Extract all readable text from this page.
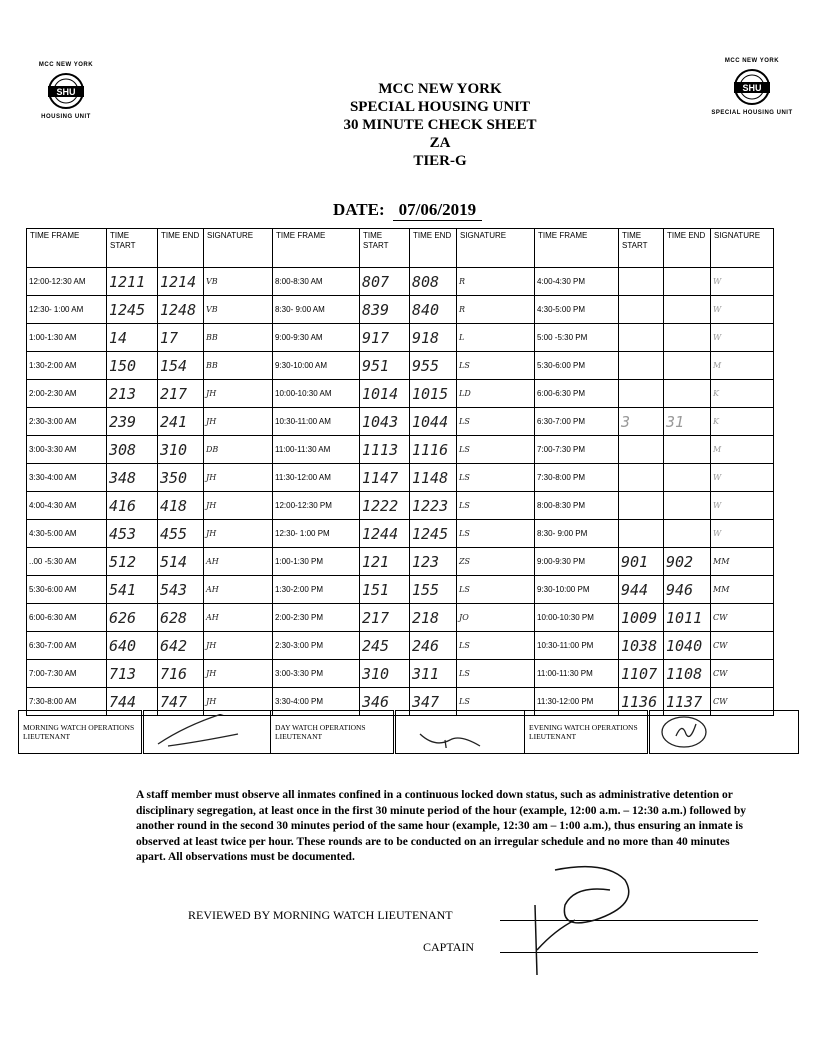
MCC NEW YORK
SHU
HOUSING UNIT
MCC NEW YORK
SHU
SPECIAL HOUSING UNIT
MCC NEW YORK
SPECIAL HOUSING UNIT
30 MINUTE CHECK SHEET
ZA
TIER-G
DATE: 07/06/2019
TIME FRAME	TIME START	TIME END	SIGNATURE	TIME FRAME	TIME START	TIME END	SIGNATURE	TIME FRAME	TIME START	TIME END	SIGNATURE
12:00-12:30 AM	1211	1214	VB	8:00-8:30 AM	807	808	R	4:00-4:30 PM			W
12:30- 1:00 AM	1245	1248	VB	8:30- 9:00 AM	839	840	R	4:30-5:00 PM			W
1:00-1:30 AM	14	17	BB	9:00-9:30 AM	917	918	L	5:00 -5:30 PM			W
1:30-2:00 AM	150	154	BB	9:30-10:00 AM	951	955	LS	5:30-6:00 PM			M
2:00-2:30 AM	213	217	JH	10:00-10:30 AM	1014	1015	LD	6:00-6:30 PM			K
2:30-3:00 AM	239	241	JH	10:30-11:00 AM	1043	1044	LS	6:30-7:00 PM	3	31	K
3:00-3:30 AM	308	310	DB	11:00-11:30 AM	1113	1116	LS	7:00-7:30 PM			M
3:30-4:00 AM	348	350	JH	11:30-12:00 AM	1147	1148	LS	7:30-8:00 PM			W
4:00-4:30 AM	416	418	JH	12:00-12:30 PM	1222	1223	LS	8:00-8:30 PM			W
4:30-5:00 AM	453	455	JH	12:30- 1:00 PM	1244	1245	LS	8:30- 9:00 PM			W
..00 -5:30 AM	512	514	AH	1:00-1:30 PM	121	123	ZS	9:00-9:30 PM	901	902	MM
5:30-6:00 AM	541	543	AH	1:30-2:00 PM	151	155	LS	9:30-10:00 PM	944	946	MM
6:00-6:30 AM	626	628	AH	2:00-2:30 PM	217	218	JO	10:00-10:30 PM	1009	1011	CW
6:30-7:00 AM	640	642	JH	2:30-3:00 PM	245	246	LS	10:30-11:00 PM	1038	1040	CW
7:00-7:30 AM	713	716	JH	3:00-3:30 PM	310	311	LS	11:00-11:30 PM	1107	1108	CW
7:30-8:00 AM	744	747	JH	3:30-4:00 PM	346	347	LS	11:30-12:00 PM	1136	1137	CW
MORNING WATCH OPERATIONS LIEUTENANT		DAY WATCH OPERATIONS LIEUTENANT		EVENING WATCH OPERATIONS LIEUTENANT	
A staff member must observe all inmates confined in a continuous locked down status, such as administrative detention or disciplinary segregation, at least once in the first 30 minute period of the hour (example, 12:00 a.m. – 12:30 a.m.) followed by another round in the second 30 minutes period of the same hour (example, 12:30 am – 1:00 a.m.), thus ensuring an inmate is observed at least twice per hour. These rounds are to be conducted on an irregular schedule and no more than 40 minutes apart. All observations must be documented.
REVIEWED BY MORNING WATCH LIEUTENANT
CAPTAIN
